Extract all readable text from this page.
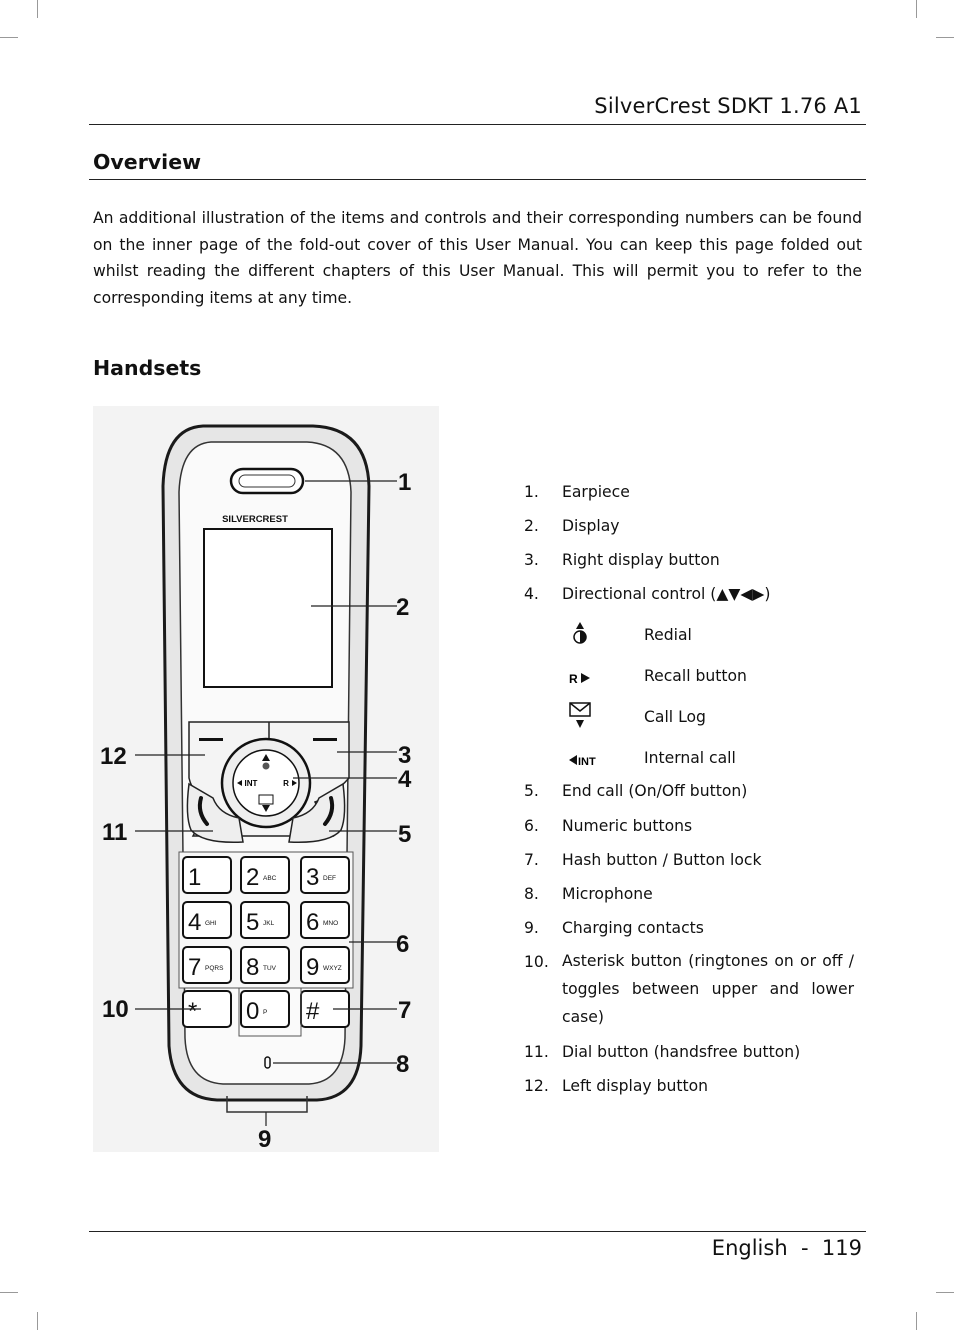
SilverCrest SDKT 1.76 A1
Overview

An additional illustration of the items and controls and their corresponding numbers can be found on the inner page of the fold-out cover of this User Manual. You can keep this page folded out whilst reading the different chapters of this User Manual. This will permit you to refer to the corresponding items at any time.

Handsets
SILVERCREST
INT	R
1 2 ABC 3 DEF
4 GHI 5 JKL 6 MNO
7 PQRS 8 TUV 9 WXYZ
* 0 P #
1
2
12	3
4
11	5
6
10	7
8
9
1. Earpiece
2. Display
3. Right display button
4. Directional control (▲▼◀▶)
Redial
R	Recall button
Call Log
INT	Internal call
5. End call (On/Off button)
6. Numeric buttons
7. Hash button / Button lock
8. Microphone
9. Charging contacts
10. Asterisk button (ringtones on or off / toggles between upper and lower case)
11. Dial button (handsfree button)
12. Left display button
English  -  119
